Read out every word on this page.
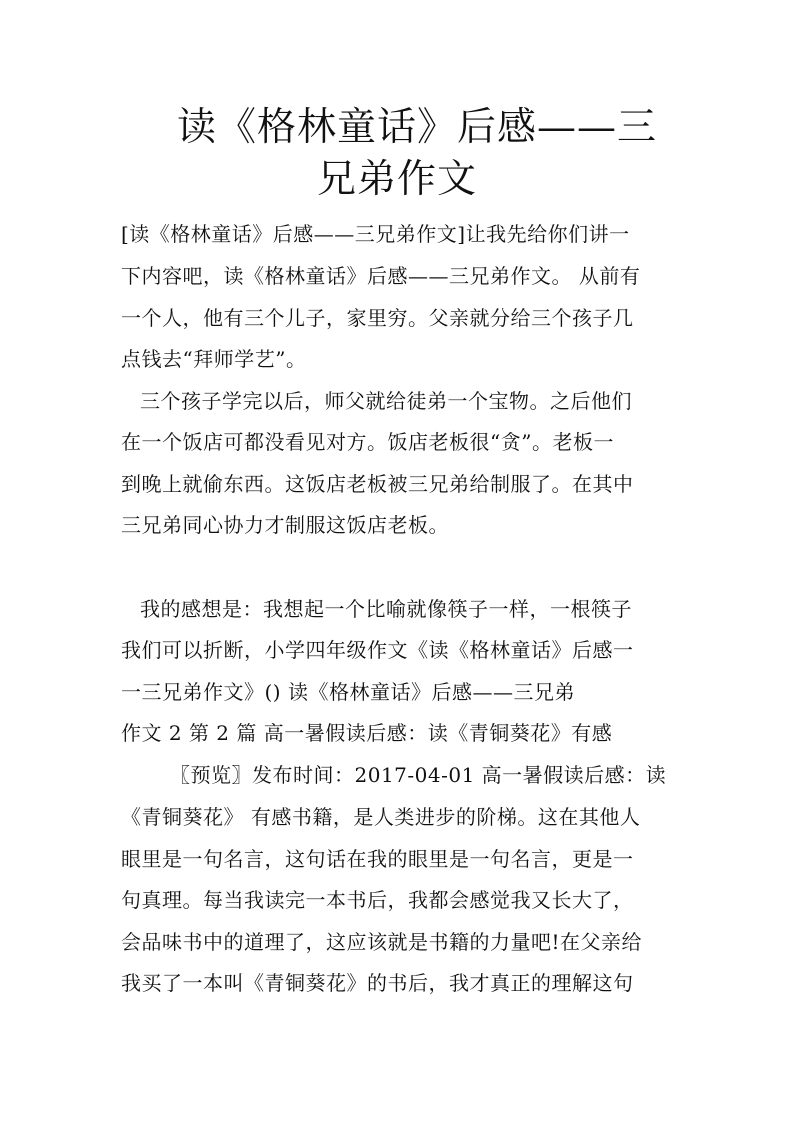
读《格林童话》后感——三
兄弟作文
[读《格林童话》后感——三兄弟作文]让我先给你们讲一
下内容吧，读《格林童话》后感——三兄弟作文。 从前有
一个人，他有三个儿子，家里穷。父亲就分给三个孩子几
点钱去“拜师学艺”。
三个孩子学完以后，师父就给徒弟一个宝物。之后他们
在一个饭店可都没看见对方。饭店老板很“贪”。老板一
到晚上就偷东西。这饭店老板被三兄弟给制服了。在其中
三兄弟同心协力才制服这饭店老板。
我的感想是：我想起一个比喻就像筷子一样，一根筷子
我们可以折断，小学四年级作文《读《格林童话》后感一
一三兄弟作文》() 读《格林童话》后感——三兄弟
作文 2 第 2 篇 高一暑假读后感：读《青铜葵花》有感
〖预览〗发布时间：2017-04-01 高一暑假读后感：读
《青铜葵花》 有感书籍，是人类进步的阶梯。这在其他人
眼里是一句名言，这句话在我的眼里是一句名言，更是一
句真理。每当我读完一本书后，我都会感觉我又长大了，
会品味书中的道理了，这应该就是书籍的力量吧!在父亲给
我买了一本叫《青铜葵花》的书后，我才真正的理解这句
